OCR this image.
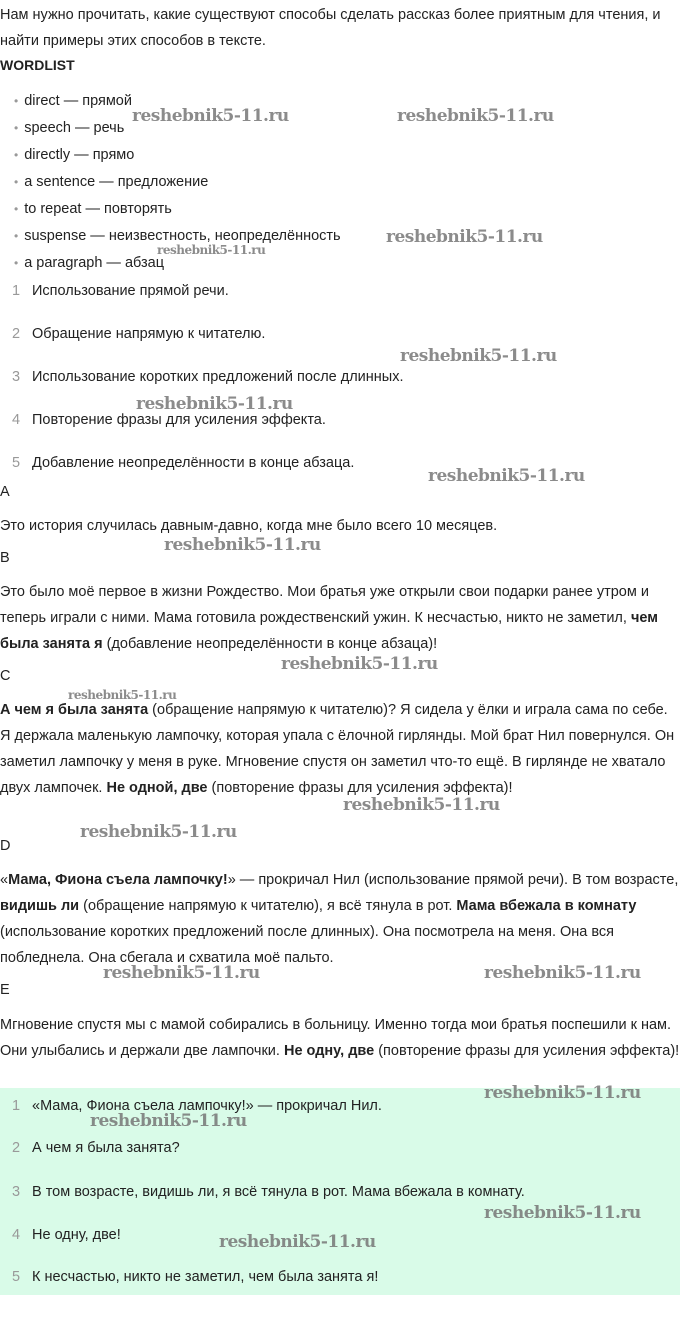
Нам нужно прочитать, какие существуют способы сделать рассказ более приятным для чтения, и найти примеры этих способов в тексте.
WORDLIST
• direct — прямой
• speech — речь
• directly — прямо
• a sentence — предложение
• to repeat — повторять
• suspense — неизвестность, неопределённость
• a paragraph — абзац
1 Использование прямой речи.
2 Обращение напрямую к читателю.
3 Использование коротких предложений после длинных.
4 Повторение фразы для усиления эффекта.
5 Добавление неопределённости в конце абзаца.
A
Это история случилась давным-давно, когда мне было всего 10 месяцев.
B
Это было моё первое в жизни Рождество. Мои братья уже открыли свои подарки ранее утром и теперь играли с ними. Мама готовила рождественский ужин. К несчастью, никто не заметил, чем была занята я (добавление неопределённости в конце абзаца)!
C
А чем я была занята (обращение напрямую к читателю)? Я сидела у ёлки и играла сама по себе. Я держала маленькую лампочку, которая упала с ёлочной гирлянды. Мой брат Нил повернулся. Он заметил лампочку у меня в руке. Мгновение спустя он заметил что-то ещё. В гирлянде не хватало двух лампочек. Не одной, две (повторение фразы для усиления эффекта)!
D
«Мама, Фиона съела лампочку!» — прокричал Нил (использование прямой речи). В том возрасте, видишь ли (обращение напрямую к читателю), я всё тянула в рот. Мама вбежала в комнату (использование коротких предложений после длинных). Она посмотрела на меня. Она вся побледнела. Она сбегала и схватила моё пальто.
E
Мгновение спустя мы с мамой собирались в больницу. Именно тогда мои братья поспешили к нам. Они улыбались и держали две лампочки. Не одну, две (повторение фразы для усиления эффекта)!
1 «Мама, Фиона съела лампочку!» — прокричал Нил.
2 А чем я была занята?
3 В том возрасте, видишь ли, я всё тянула в рот. Мама вбежала в комнату.
4 Не одну, две!
5 К несчастью, никто не заметил, чем была занята я!
reshebnik5-11.ru	reshebnik5-11.ru
reshebnik5-11.ru
reshebnik5-11.ru
reshebnik5-11.ru
reshebnik5-11.ru
reshebnik5-11.ru
reshebnik5-11.ru
reshebnik5-11.ru
reshebnik5-11.ru
reshebnik5-11.ru
reshebnik5-11.ru
reshebnik5-11.ru	reshebnik5-11.ru
reshebnik5-11.ru
reshebnik5-11.ru
reshebnik5-11.ru
reshebnik5-11.ru
